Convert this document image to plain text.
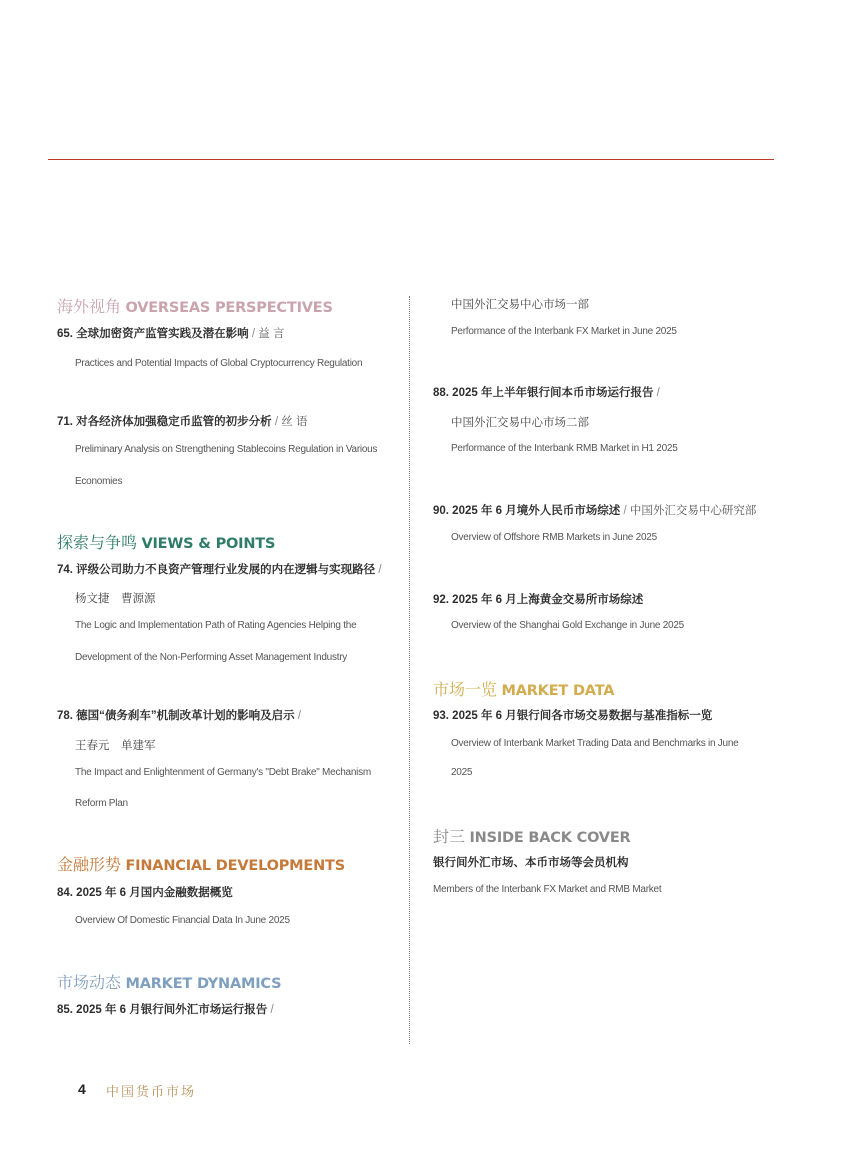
海外视角 OVERSEAS PERSPECTIVES
65. 全球加密资产监管实践及潜在影响 / 益 言
Practices and Potential Impacts of Global Cryptocurrency Regulation
71. 对各经济体加强稳定币监管的初步分析 / 丝 语
Preliminary Analysis on Strengthening Stablecoins Regulation in Various
Economies
探索与争鸣 VIEWS & POINTS
74. 评级公司助力不良资产管理行业发展的内在逻辑与实现路径 /
杨文捷　曹源源
The Logic and Implementation Path of Rating Agencies Helping the
Development of the Non-Performing Asset Management Industry
78. 德国“债务刹车”机制改革计划的影响及启示 /
王春元　单建军
The Impact and Enlightenment of Germany's "Debt Brake" Mechanism
Reform Plan
金融形势 FINANCIAL DEVELOPMENTS
84. 2025 年 6 月国内金融数据概览
Overview Of Domestic Financial Data In June 2025
市场动态 MARKET DYNAMICS
85. 2025 年 6 月银行间外汇市场运行报告 /
中国外汇交易中心市场一部
Performance of the Interbank FX Market in June 2025
88. 2025 年上半年银行间本币市场运行报告 /
中国外汇交易中心市场二部
Performance of the Interbank RMB Market in H1 2025
90. 2025 年 6 月境外人民币市场综述 / 中国外汇交易中心研究部
Overview of Offshore RMB Markets in June 2025
92. 2025 年 6 月上海黄金交易所市场综述
Overview of the Shanghai Gold Exchange in June 2025
市场一览 MARKET DATA
93. 2025 年 6 月银行间各市场交易数据与基准指标一览
Overview of Interbank Market Trading Data and Benchmarks in June
2025
封三 INSIDE BACK COVER
银行间外汇市场、本币市场等会员机构
Members of the Interbank FX Market and RMB Market
4 中国货币市场
